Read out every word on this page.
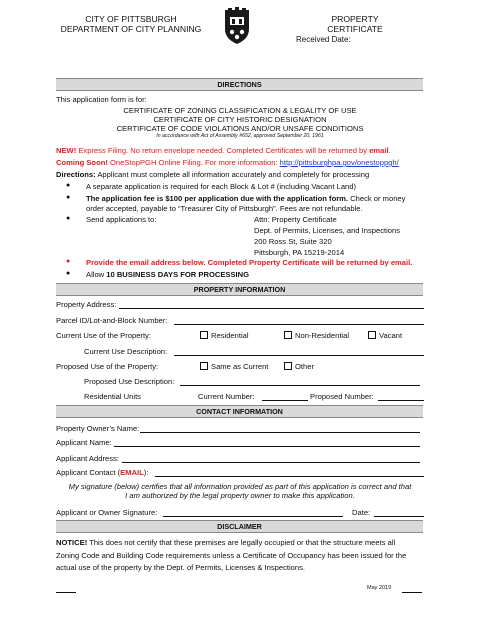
CITY OF PITTSBURGH
DEPARTMENT OF CITY PLANNING
PROPERTY
CERTIFICATE
Received Date:
DIRECTIONS
This application form is for:
CERTIFICATE OF ZONING CLASSIFICATION & LEGALITY OF USE
CERTIFICATE OF CITY HISTORIC DESIGNATION
CERTIFICATE OF CODE VIOLATIONS AND/OR UNSAFE CONDITIONS
In accordance with Act of Assembly #652, approved September 20, 1961
NEW! Express Filing. No return envelope needed. Completed Certificates will be returned by email.
Coming Soon! OneStopPGH Online Filing. For more information: http://pittsburghpa.gov/onestoppgh/
Directions: Applicant must complete all information accurately and completely for processing
● A separate application is required for each Block & Lot # (including Vacant Land)
● The application fee is $100 per application due with the application form. Check or money
order accepted, payable to “Treasurer City of Pittsburgh”. Fees are not refundable.
● Send applications to:	Attn: Property Certificate
Dept. of Permits, Licenses, and Inspections
200 Ross St, Suite 320
Pittsburgh, PA 15219-2014
● Provide the email address below. Completed Property Certificate will be returned by email.
● Allow 10 BUSINESS DAYS FOR PROCESSING
PROPERTY INFORMATION
Property Address:
Parcel ID/Lot-and-Block Number:
Current Use of the Property:	Residential	Non-Residential	Vacant
Current Use Description:
Proposed Use of the Property:	Same as Current	Other
Proposed Use Description:
Residential Units	Current Number:	Proposed Number:
CONTACT INFORMATION
Property Owner’s Name:
Applicant Name:
Applicant Address:
Applicant Contact (EMAIL):
My signature (below) certifies that all information provided as part of this application is correct and that
I am authorized by the legal property owner to make this application.
Applicant or Owner Signature:	Date:
DISCLAIMER
NOTICE! This does not certify that these premises are legally occupied or that the structure meets all
Zoning Code and Building Code requirements unless a Certificate of Occupancy has been issued for the
actual use of the property by the Dept. of Permits, Licenses & Inspections.
May 2019
